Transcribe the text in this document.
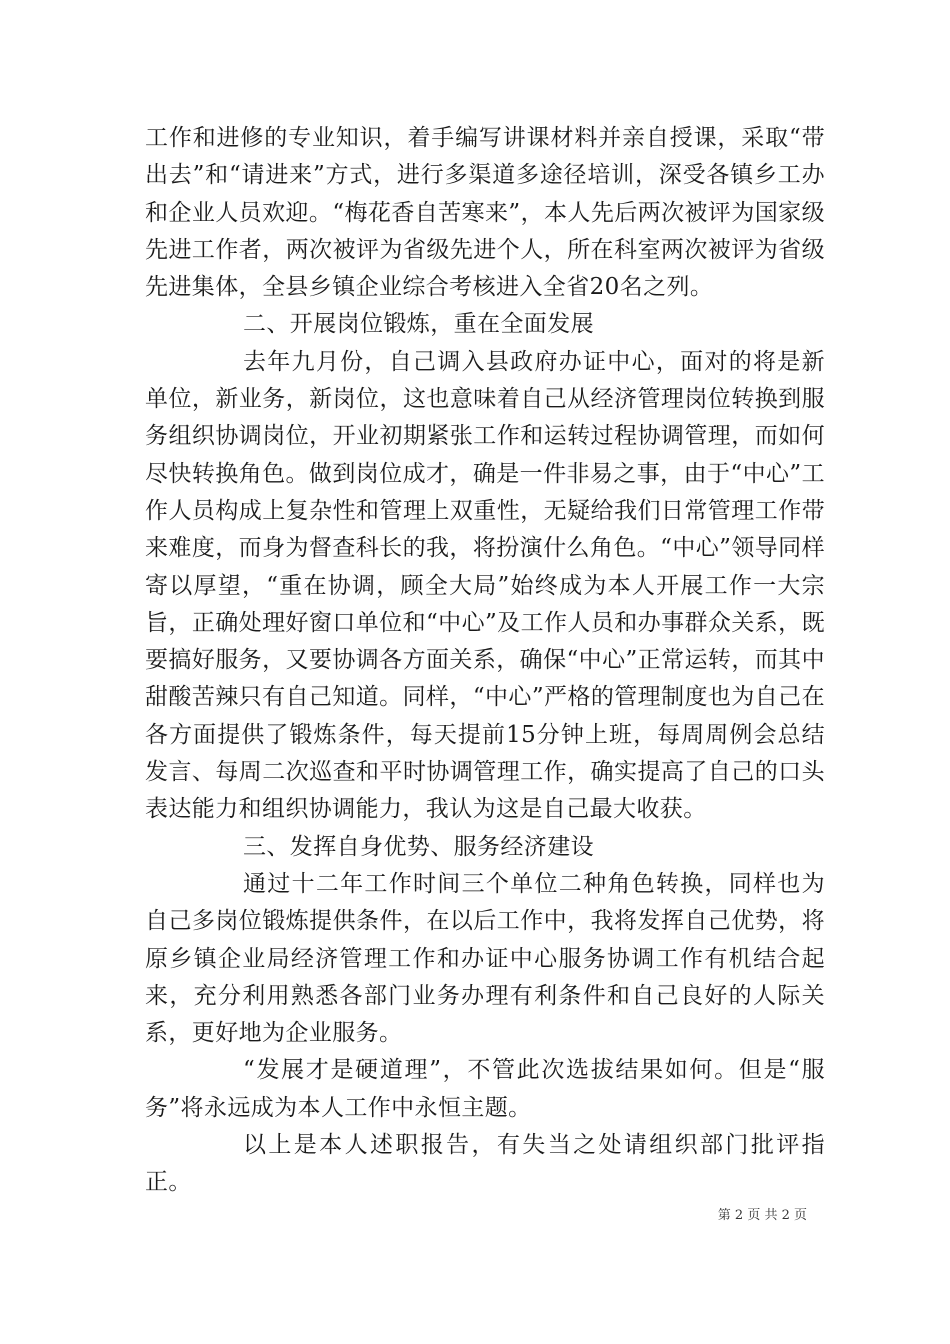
工作和进修的专业知识，着手编写讲课材料并亲自授课，采取“带出去”和“请进来”方式，进行多渠道多途径培训，深受各镇乡工办和企业人员欢迎。“梅花香自苦寒来”，本人先后两次被评为国家级先进工作者，两次被评为省级先进个人，所在科室两次被评为省级先进集体，全县乡镇企业综合考核进入全省20名之列。

二、开展岗位锻炼，重在全面发展

去年九月份，自己调入县政府办证中心，面对的将是新单位，新业务，新岗位，这也意味着自己从经济管理岗位转换到服务组织协调岗位，开业初期紧张工作和运转过程协调管理，而如何尽快转换角色。做到岗位成才，确是一件非易之事，由于“中心”工作人员构成上复杂性和管理上双重性，无疑给我们日常管理工作带来难度，而身为督查科长的我，将扮演什么角色。“中心”领导同样寄以厚望，“重在协调，顾全大局”始终成为本人开展工作一大宗旨，正确处理好窗口单位和“中心”及工作人员和办事群众关系，既要搞好服务，又要协调各方面关系，确保“中心”正常运转，而其中甜酸苦辣只有自己知道。同样，“中心”严格的管理制度也为自己在各方面提供了锻炼条件，每天提前15分钟上班，每周周例会总结发言、每周二次巡查和平时协调管理工作，确实提高了自己的口头表达能力和组织协调能力，我认为这是自己最大收获。

三、发挥自身优势、服务经济建设

通过十二年工作时间三个单位二种角色转换，同样也为自己多岗位锻炼提供条件，在以后工作中，我将发挥自己优势，将原乡镇企业局经济管理工作和办证中心服务协调工作有机结合起来，充分利用熟悉各部门业务办理有利条件和自己良好的人际关系，更好地为企业服务。

“发展才是硬道理”，不管此次选拔结果如何。但是“服务”将永远成为本人工作中永恒主题。

以上是本人述职报告，有失当之处请组织部门批评指正。

第 2 页 共 2 页
